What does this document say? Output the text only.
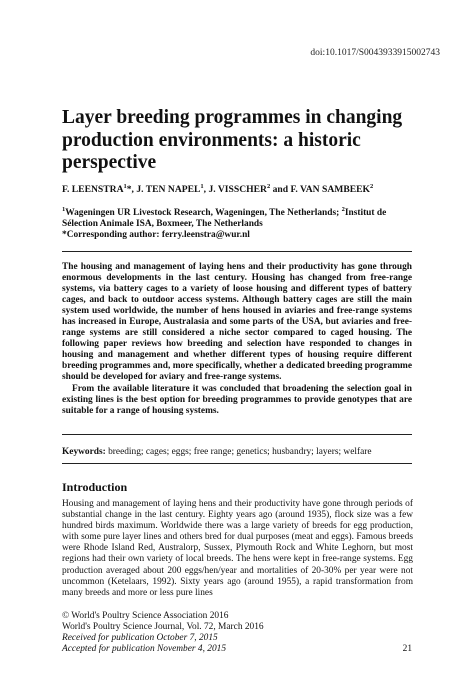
doi:10.1017/S0043933915002743
Layer breeding programmes in changing production environments: a historic perspective
F. LEENSTRA$^1$*, J. TEN NAPEL$^1$, J. VISSCHER$^2$ and F. VAN SAMBEEK$^2$
$^1$Wageningen UR Livestock Research, Wageningen, The Netherlands; $^2$Institut de Sélection Animale ISA, Boxmeer, The Netherlands
*Corresponding author: ferry.leenstra@wur.nl

The housing and management of laying hens and their productivity has gone through enormous developments in the last century. Housing has changed from free-range systems, via battery cages to a variety of loose housing and different types of battery cages, and back to outdoor access systems. Although battery cages are still the main system used worldwide, the number of hens housed in aviaries and free-range systems has increased in Europe, Australasia and some parts of the USA, but aviaries and free-range systems are still considered a niche sector compared to caged housing. The following paper reviews how breeding and selection have responded to changes in housing and management and whether different types of housing require different breeding programmes and, more specifically, whether a dedicated breeding programme should be developed for aviary and free-range systems.

From the available literature it was concluded that broadening the selection goal in existing lines is the best option for breeding programmes to provide genotypes that are suitable for a range of housing systems.

Keywords: breeding; cages; eggs; free range; genetics; husbandry; layers; welfare
Introduction

Housing and management of laying hens and their productivity have gone through periods of substantial change in the last century. Eighty years ago (around 1935), flock size was a few hundred birds maximum. Worldwide there was a large variety of breeds for egg production, with some pure layer lines and others bred for dual purposes (meat and eggs). Famous breeds were Rhode Island Red, Australorp, Sussex, Plymouth Rock and White Leghorn, but most regions had their own variety of local breeds. The hens were kept in free-range systems. Egg production averaged about 200 eggs/hen/year and mortalities of 20-30% per year were not uncommon (Ketelaars, 1992). Sixty years ago (around 1955), a rapid transformation from many breeds and more or less pure lines

© World's Poultry Science Association 2016
World's Poultry Science Journal, Vol. 72, March 2016
Received for publication October 7, 2015
Accepted for publication November 4, 2015	21
